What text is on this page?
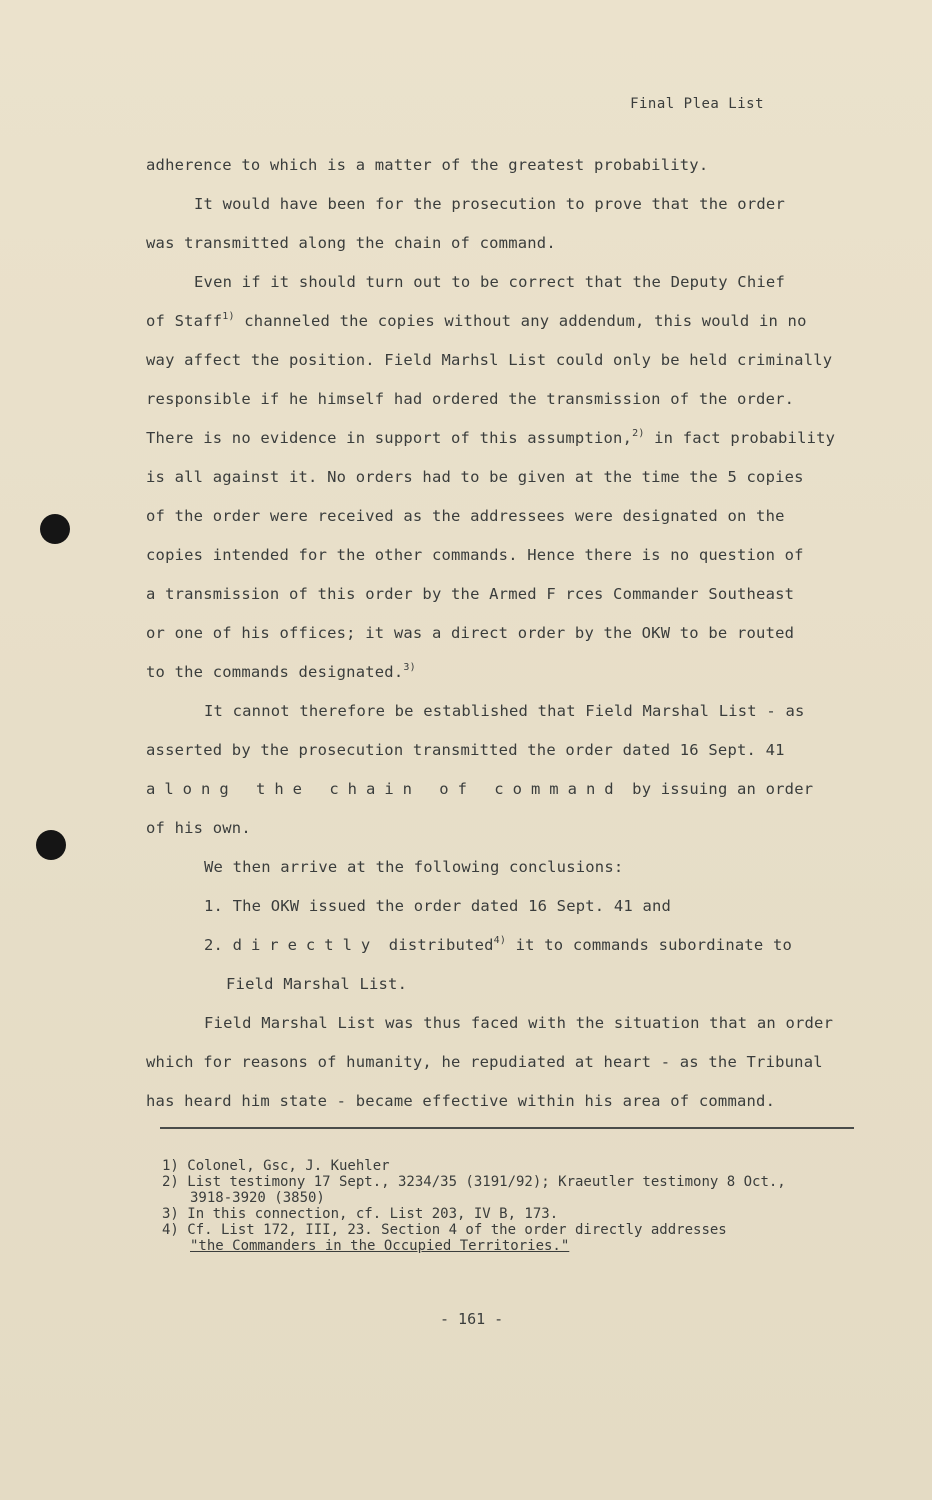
Final Plea List
adherence to which is a matter of the greatest probability.
It would have been for the prosecution to prove that the order
was transmitted along the chain of command.
Even if it should turn out to be correct that the Deputy Chief
of Staff$^{1)}$ channeled the copies without any addendum, this would in no
way affect the position. Field Marhsl List could only be held criminally
responsible if he himself had ordered the transmission of the order.
There is no evidence in support of this assumption,$^{2)}$ in fact probability
is all against it. No orders had to be given at the time the 5 copies
of the order were received as the addressees were designated on the
copies intended for the other commands. Hence there is no question of
a transmission of this order by the Armed F rces Commander Southeast
or one of his offices; it was a direct order by the OKW to be routed
to the commands designated.$^{3)}$
It cannot therefore be established that Field Marshal List - as
asserted by the prosecution transmitted the order dated 16 Sept. 41
along the chain of command by issuing an order
of his own.
We then arrive at the following conclusions:
1. The OKW issued the order dated 16 Sept. 41 and
2. directly distributed$^{4)}$ it to commands subordinate to
Field Marshal List.
Field Marshal List was thus faced with the situation that an order
which for reasons of humanity, he repudiated at heart - as the Tribunal
has heard him state - became effective within his area of command.
1) Colonel, Gsc, J. Kuehler
2) List testimony 17 Sept., 3234/35 (3191/92); Kraeutler testimony 8 Oct.,
3918-3920 (3850)
3) In this connection, cf. List 203, IV B, 173.
4) Cf. List 172, III, 23. Section 4 of the order directly addresses
"the Commanders in the Occupied Territories."
- 161 -
